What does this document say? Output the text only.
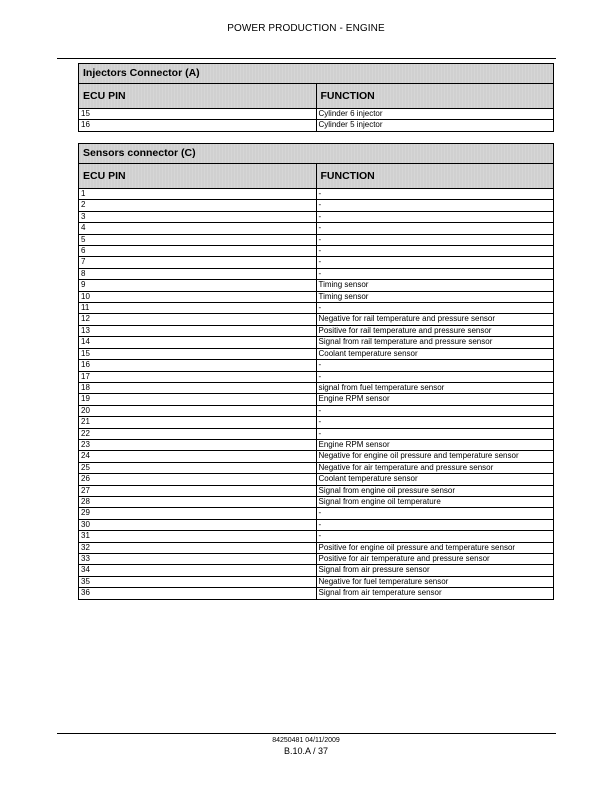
POWER PRODUCTION - ENGINE
Injectors Connector (A)	
ECU PIN	FUNCTION
15	Cylinder 6 injector
16	Cylinder 5 injector
Sensors connector (C)	
ECU PIN	FUNCTION
1	-
2	-
3	-
4	-
5	-
6	-
7	-
8	-
9	Timing sensor
10	Timing sensor
11	-
12	Negative for rail temperature and pressure sensor
13	Positive for rail temperature and pressure sensor
14	Signal from rail temperature and pressure sensor
15	Coolant temperature sensor
16	-
17	-
18	signal from fuel temperature sensor
19	Engine RPM sensor
20	-
21	-
22	-
23	Engine RPM sensor
24	Negative for engine oil pressure and temperature sensor
25	Negative for air temperature and pressure sensor
26	Coolant temperature sensor
27	Signal from engine oil pressure sensor
28	Signal from engine oil temperature
29	-
30	-
31	-
32	Positive for engine oil pressure and temperature sensor
33	Positive for air temperature and pressure sensor
34	Signal from air pressure sensor
35	Negative for fuel temperature sensor
36	Signal from air temperature sensor
84250481 04/11/2009
B.10.A / 37
